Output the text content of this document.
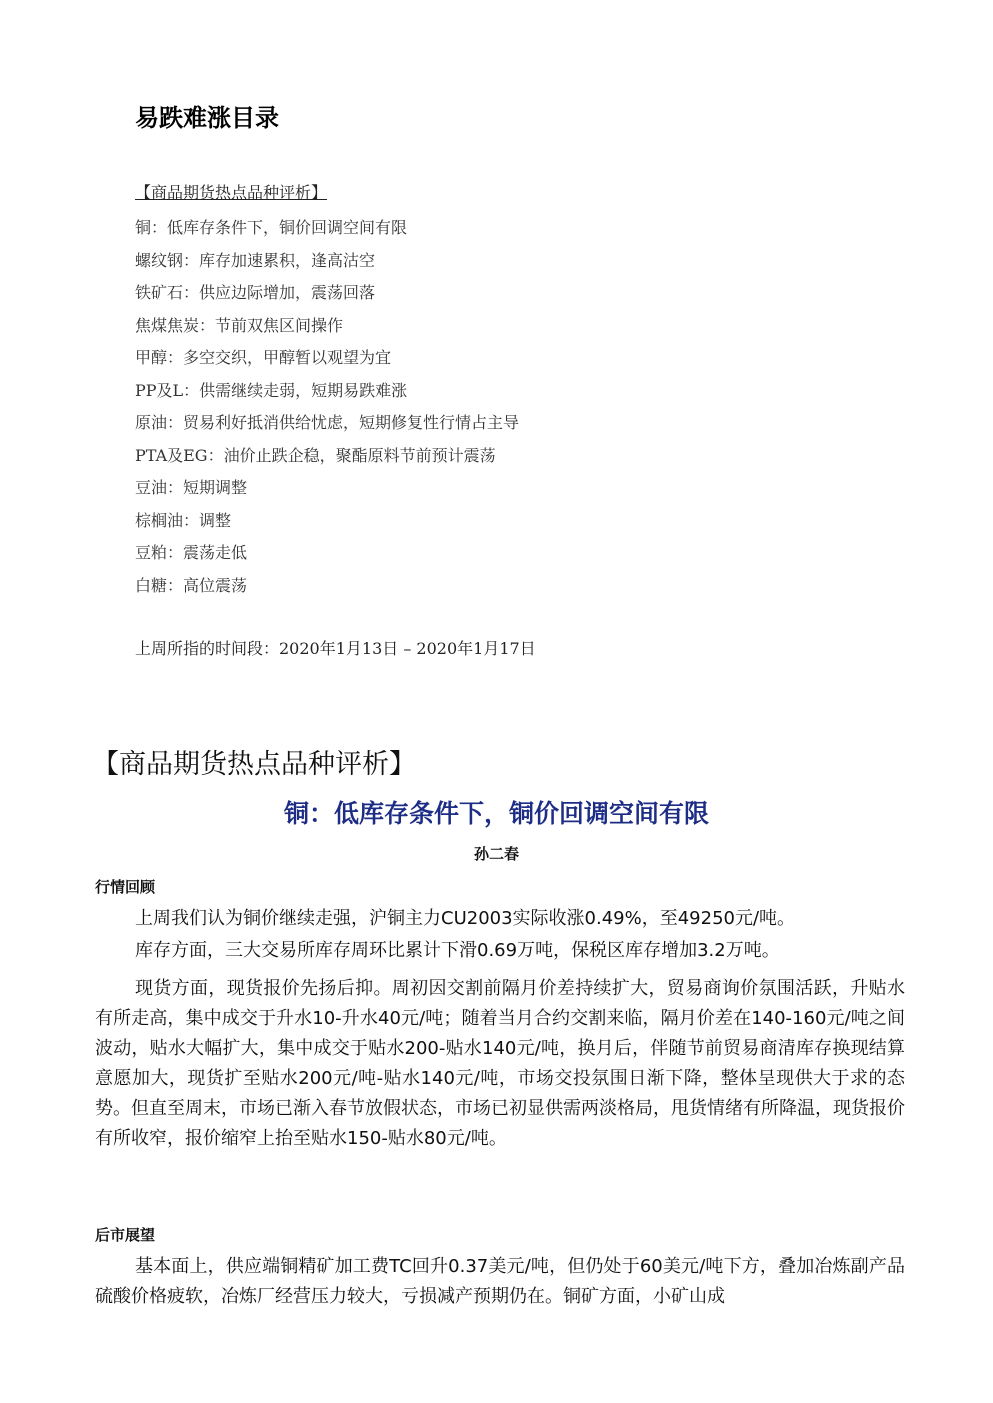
易跌难涨目录
【商品期货热点品种评析】
铜：低库存条件下，铜价回调空间有限
螺纹钢：库存加速累积，逢高沽空
铁矿石：供应边际增加，震荡回落
焦煤焦炭：节前双焦区间操作
甲醇：多空交织，甲醇暂以观望为宜
PP及L：供需继续走弱，短期易跌难涨
原油：贸易利好抵消供给忧虑，短期修复性行情占主导
PTA及EG：油价止跌企稳，聚酯原料节前预计震荡
豆油：短期调整
棕榈油：调整
豆粕：震荡走低
白糖：高位震荡
上周所指的时间段：2020年1月13日 – 2020年1月17日
【商品期货热点品种评析】
铜：低库存条件下，铜价回调空间有限
孙二春
行情回顾

上周我们认为铜价继续走强，沪铜主力CU2003实际收涨0.49%，至49250元/吨。

库存方面，三大交易所库存周环比累计下滑0.69万吨，保税区库存增加3.2万吨。

现货方面，现货报价先扬后抑。周初因交割前隔月价差持续扩大，贸易商询价氛围活跃，升贴水有所走高，集中成交于升水10-升水40元/吨；随着当月合约交割来临，隔月价差在140-160元/吨之间波动，贴水大幅扩大，集中成交于贴水200-贴水140元/吨，换月后，伴随节前贸易商清库存换现结算意愿加大，现货扩至贴水200元/吨-贴水140元/吨，市场交投氛围日渐下降，整体呈现供大于求的态势。但直至周末，市场已渐入春节放假状态，市场已初显供需两淡格局，甩货情绪有所降温，现货报价有所收窄，报价缩窄上抬至贴水150-贴水80元/吨。

后市展望

基本面上，供应端铜精矿加工费TC回升0.37美元/吨，但仍处于60美元/吨下方，叠加冶炼副产品硫酸价格疲软，冶炼厂经营压力较大，亏损减产预期仍在。铜矿方面，小矿山成
